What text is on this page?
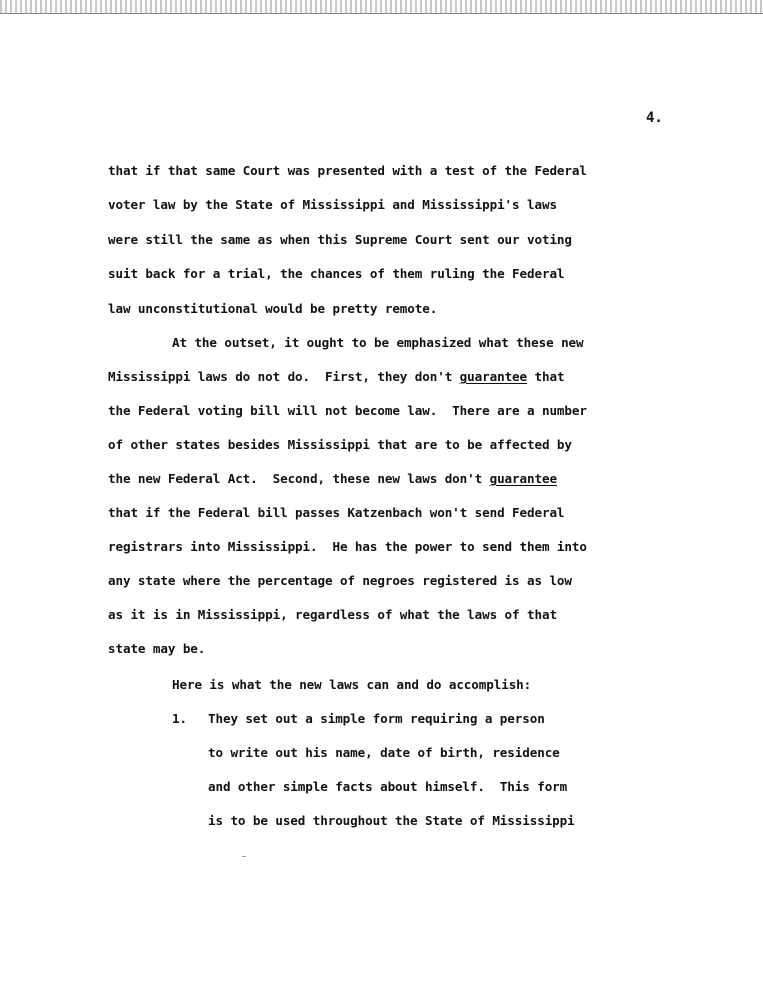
4.
that if that same Court was presented with a test of the Federal
voter law by the State of Mississippi and Mississippi's laws
were still the same as when this Supreme Court sent our voting
suit back for a trial, the chances of them ruling the Federal
law unconstitutional would be pretty remote.
At the outset, it ought to be emphasized what these new
Mississippi laws do not do.  First, they don't guarantee that
the Federal voting bill will not become law.  There are a number
of other states besides Mississippi that are to be affected by
the new Federal Act.  Second, these new laws don't guarantee
that if the Federal bill passes Katzenbach won't send Federal
registrars into Mississippi.  He has the power to send them into
any state where the percentage of negroes registered is as low
as it is in Mississippi, regardless of what the laws of that
state may be.
Here is what the new laws can and do accomplish:
1. They set out a simple form requiring a person
to write out his name, date of birth, residence
and other simple facts about himself.  This form
is to be used throughout the State of Mississippi
